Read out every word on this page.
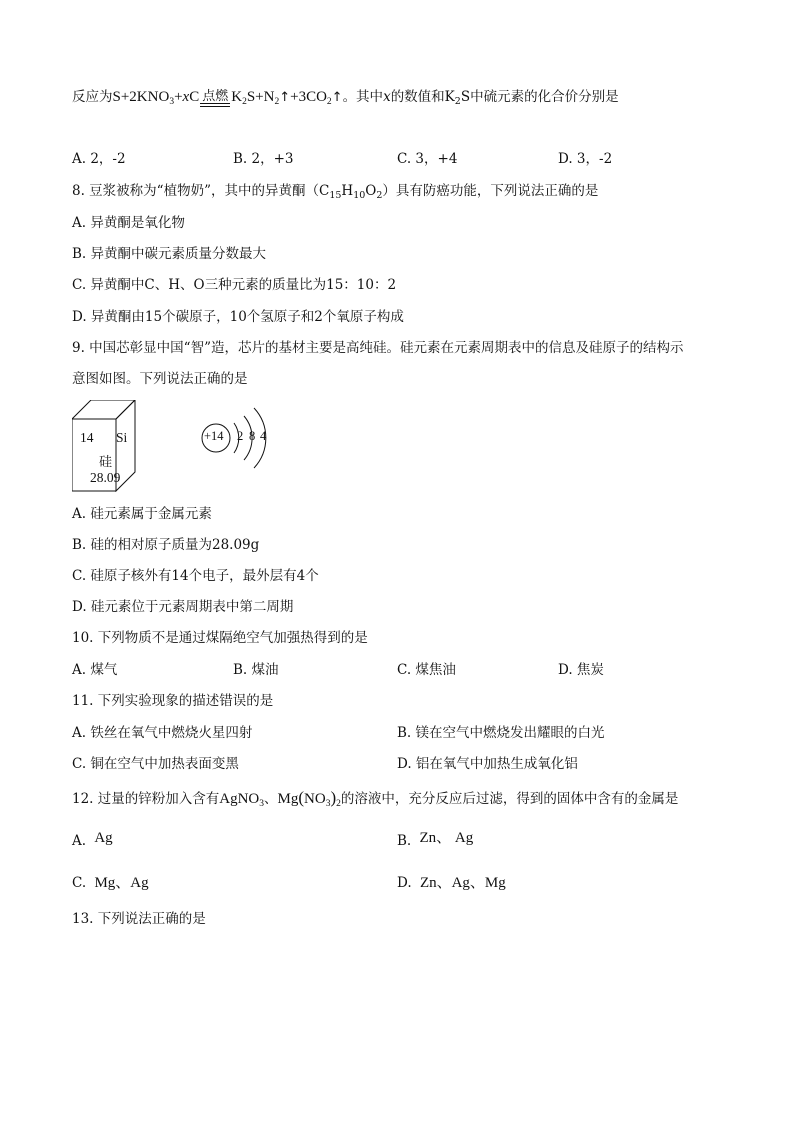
反应为$S+2KNO_3+xC$ 点燃 $K_2S+N_2↑+3CO_2↑$。其中x的数值和$K_2S$中硫元素的化合价分别是
A. 2，-2	B. 2，+3	C. 3，+4	D. 3，-2
8. 豆浆被称为“植物奶”，其中的异黄酮$(C_{15}H_{10}O_2)$具有防癌功能，下列说法正确的是
A. 异黄酮是氧化物
B. 异黄酮中碳元素质量分数最大
C. 异黄酮中C、H、O三种元素的质量比为15：10：2
D. 异黄酮由15个碳原子，10个氢原子和2个氧原子构成
9. 中国芯彰显中国“智”造，芯片的基材主要是高纯硅。硅元素在元素周期表中的信息及硅原子的结构示
意图如图。下列说法正确的是
14 Si
硅
28.09
+14 2 8 4
A. 硅元素属于金属元素
B. 硅的相对原子质量为28.09g
C. 硅原子核外有14个电子，最外层有4个
D. 硅元素位于元素周期表中第二周期
10. 下列物质不是通过煤隔绝空气加强热得到的是
A. 煤气	B. 煤油	C. 煤焦油	D. 焦炭
11. 下列实验现象的描述错误的是
A. 铁丝在氧气中燃烧火星四射	B. 镁在空气中燃烧发出耀眼的白光
C. 铜在空气中加热表面变黑	D. 铝在氧气中加热生成氧化铝
12. 过量的锌粉加入含有AgNO$_3$、$Mg(NO_3)_2$的溶液中，充分反应后过滤，得到的固体中含有的金属是
A. Ag	B. Zn、 Ag
C. Mg、Ag	D. Zn、Ag、Mg
13. 下列说法正确的是
